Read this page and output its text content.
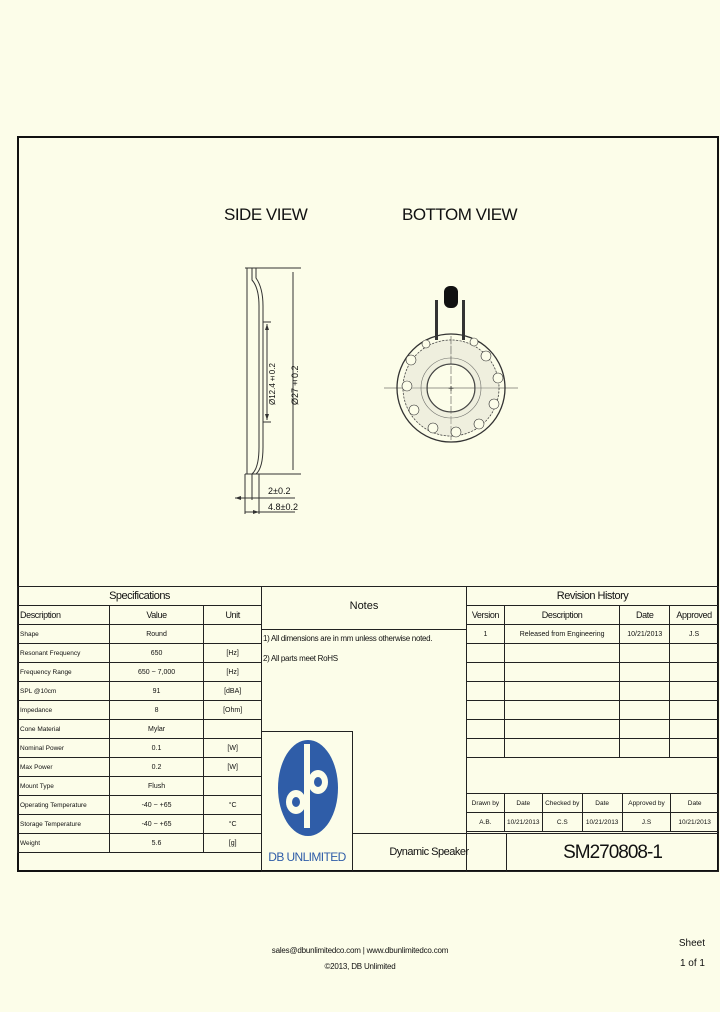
SIDE VIEW	BOTTOM VIEW
Ø12.4±0.2	Ø27±0.2
2±0.2
4.8±0.2
+
Specifications		
Description	Value	Unit
Shape	Round	
Resonant Frequency	650	[Hz]
Frequency Range	650 ~ 7,000	[Hz]
SPL @10cm	91	[dBA]
Impedance	8	[Ohm]
Cone Material	Mylar	
Nominal Power	0.1	[W]
Max Power	0.2	[W]
Mount Type	Flush	
Operating Temperature	-40 ~ +65	°C
Storage Temperature	-40 ~ +65	°C
Weight	5.6	[g]
Notes
1) All dimensions are in mm unless otherwise noted.
2) All parts meet RoHS
DB UNLIMITED
Revision History			
Version	Description	Date	Approved
1	Released from Engineering	10/21/2013	J.S

Drawn by	Date	Checked by	Date	Approved by	Date
A.B.	10/21/2013	C.S	10/21/2013	J.S	10/21/2013
Dynamic Speaker	SM270808-1
sales@dbunlimitedco.com | www.dbunlimitedco.com
©2013, DB Unlimited
Sheet
1 of 1
